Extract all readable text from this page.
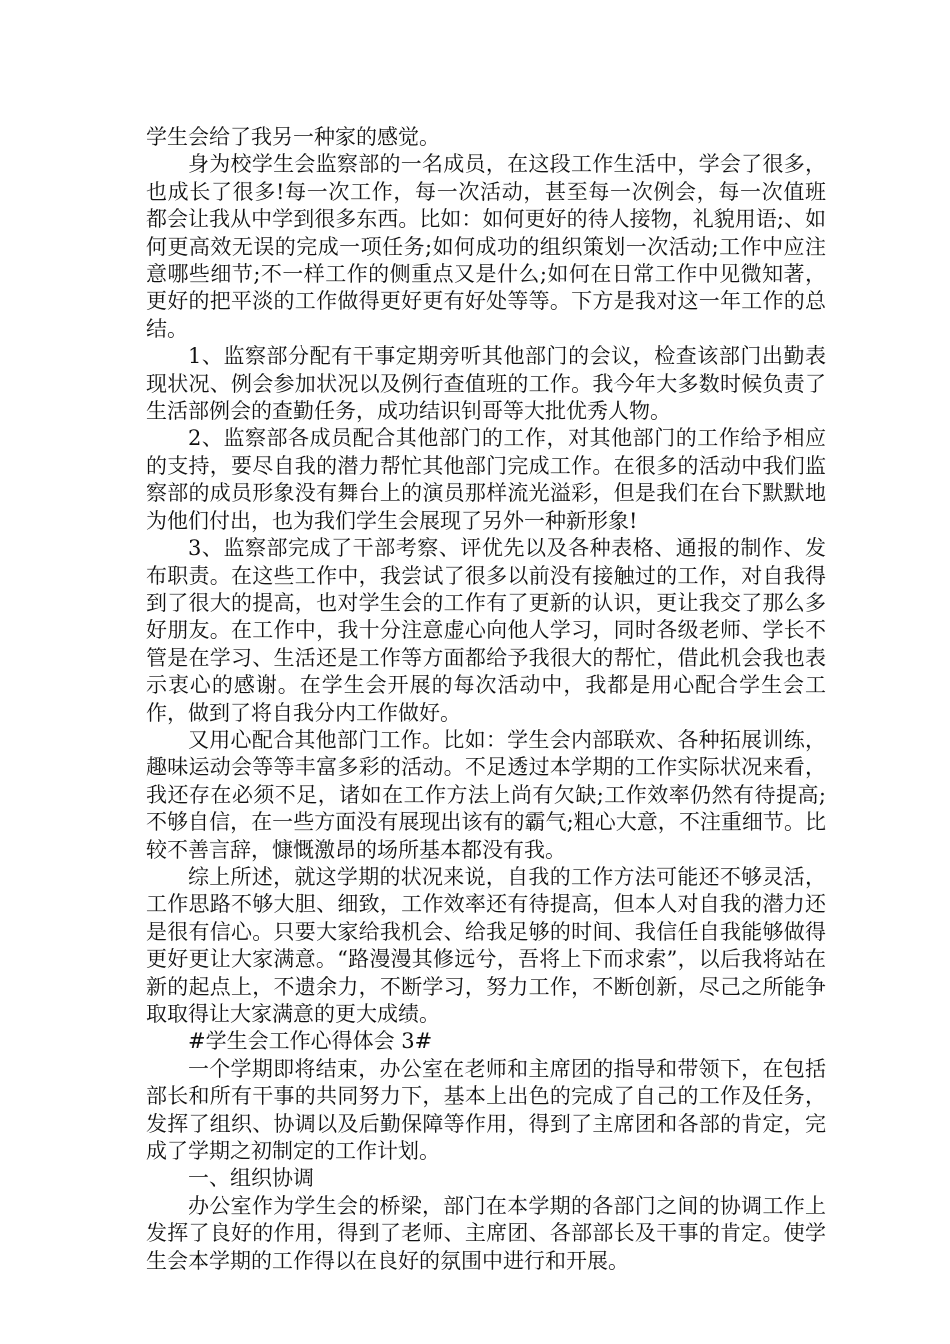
学生会给了我另一种家的感觉。

身为校学生会监察部的一名成员，在这段工作生活中，学会了很多，也成长了很多!每一次工作，每一次活动，甚至每一次例会，每一次值班都会让我从中学到很多东西。比如：如何更好的待人接物，礼貌用语;、如何更高效无误的完成一项任务;如何成功的组织策划一次活动;工作中应注意哪些细节;不一样工作的侧重点又是什么;如何在日常工作中见微知著，更好的把平淡的工作做得更好更有好处等等。下方是我对这一年工作的总结。

1、监察部分配有干事定期旁听其他部门的会议，检查该部门出勤表现状况、例会参加状况以及例行查值班的工作。我今年大多数时候负责了生活部例会的查勤任务，成功结识钊哥等大批优秀人物。

2、监察部各成员配合其他部门的工作，对其他部门的工作给予相应的支持，要尽自我的潜力帮忙其他部门完成工作。在很多的活动中我们监察部的成员形象没有舞台上的演员那样流光溢彩，但是我们在台下默默地为他们付出，也为我们学生会展现了另外一种新形象!

3、监察部完成了干部考察、评优先以及各种表格、通报的制作、发布职责。在这些工作中，我尝试了很多以前没有接触过的工作，对自我得到了很大的提高，也对学生会的工作有了更新的认识，更让我交了那么多好朋友。在工作中，我十分注意虚心向他人学习，同时各级老师、学长不管是在学习、生活还是工作等方面都给予我很大的帮忙，借此机会我也表示衷心的感谢。在学生会开展的每次活动中，我都是用心配合学生会工作，做到了将自我分内工作做好。

又用心配合其他部门工作。比如：学生会内部联欢、各种拓展训练，趣味运动会等等丰富多彩的活动。不足透过本学期的工作实际状况来看，我还存在必须不足，诸如在工作方法上尚有欠缺;工作效率仍然有待提高;不够自信，在一些方面没有展现出该有的霸气;粗心大意，不注重细节。比较不善言辞，慷慨激昂的场所基本都没有我。

综上所述，就这学期的状况来说，自我的工作方法可能还不够灵活，工作思路不够大胆、细致，工作效率还有待提高，但本人对自我的潜力还是很有信心。只要大家给我机会、给我足够的时间、我信任自我能够做得更好更让大家满意。“路漫漫其修远兮，吾将上下而求索”，以后我将站在新的起点上，不遗余力，不断学习，努力工作，不断创新，尽己之所能争取取得让大家满意的更大成绩。

#学生会工作心得体会 3#

一个学期即将结束，办公室在老师和主席团的指导和带领下，在包括部长和所有干事的共同努力下，基本上出色的完成了自己的工作及任务，发挥了组织、协调以及后勤保障等作用，得到了主席团和各部的肯定，完成了学期之初制定的工作计划。

一、组织协调

办公室作为学生会的桥梁，部门在本学期的各部门之间的协调工作上发挥了良好的作用，得到了老师、主席团、各部部长及干事的肯定。使学生会本学期的工作得以在良好的氛围中进行和开展。
